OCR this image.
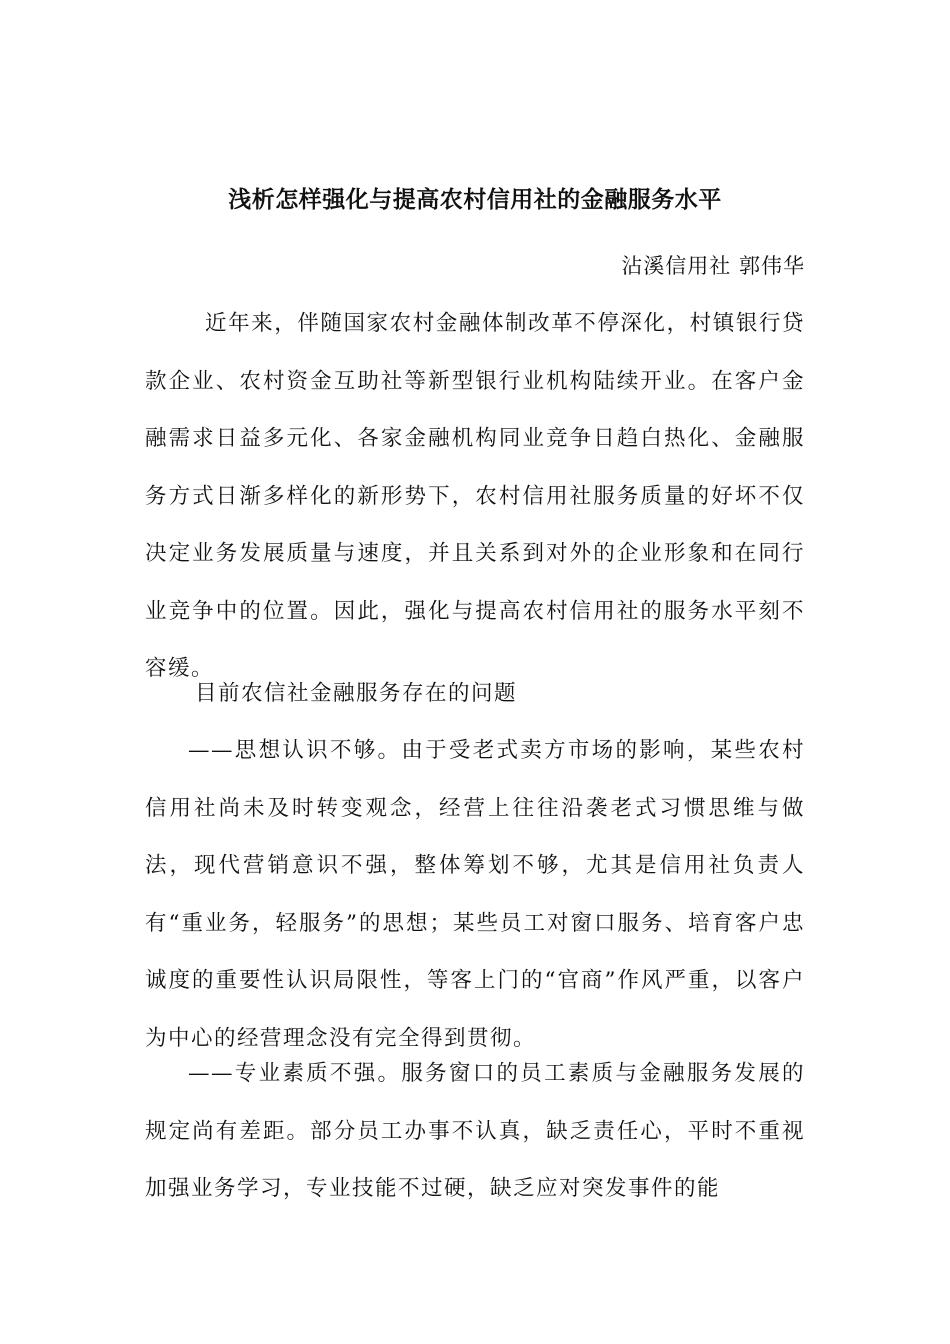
浅析怎样强化与提高农村信用社的金融服务水平
沾溪信用社 郭伟华

近年来，伴随国家农村金融体制改革不停深化，村镇银行贷款企业、农村资金互助社等新型银行业机构陆续开业。在客户金融需求日益多元化、各家金融机构同业竞争日趋白热化、金融服务方式日渐多样化的新形势下，农村信用社服务质量的好坏不仅决定业务发展质量与速度，并且关系到对外的企业形象和在同行业竞争中的位置。因此，强化与提高农村信用社的服务水平刻不容缓。

目前农信社金融服务存在的问题

——思想认识不够。由于受老式卖方市场的影响，某些农村信用社尚未及时转变观念，经营上往往沿袭老式习惯思维与做法，现代营销意识不强，整体筹划不够，尤其是信用社负责人有“重业务，轻服务”的思想；某些员工对窗口服务、培育客户忠诚度的重要性认识局限性，等客上门的“官商”作风严重，以客户为中心的经营理念没有完全得到贯彻。

——专业素质不强。服务窗口的员工素质与金融服务发展的规定尚有差距。部分员工办事不认真，缺乏责任心，平时不重视加强业务学习，专业技能不过硬，缺乏应对突发事件的能
